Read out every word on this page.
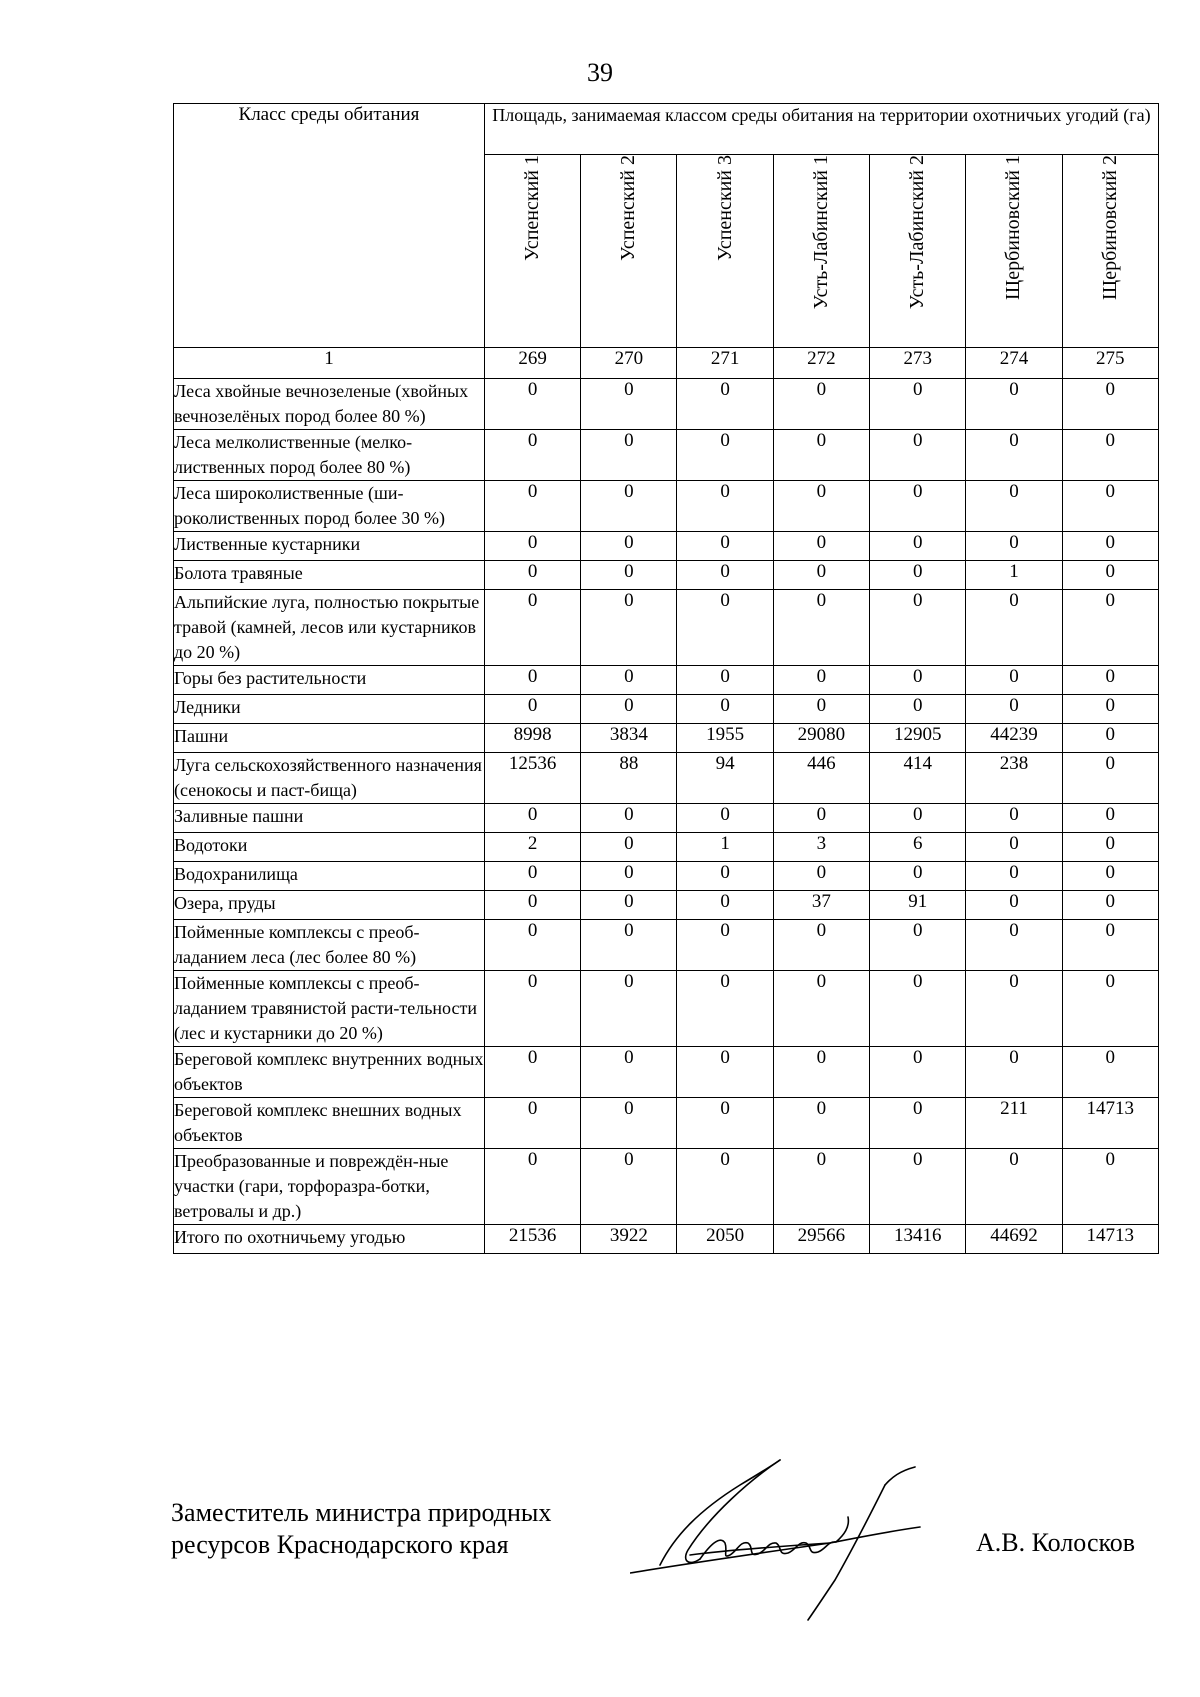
39
Класс среды обитания	Площадь, занимаемая классом среды обитания на территории охотничьих угодий (га)						
	Успенский 1	Успенский 2	Успенский 3	Усть-Лабинский 1	Усть-Лабинский 2	Щербиновский 1	Щербиновский 2
1	269	270	271	272	273	274	275
Леса хвойные вечнозеленые (хвойных вечнозелёных пород более 80 %)	0	0	0	0	0	0	0
Леса мелколиственные (мелко-лиственных пород более 80 %)	0	0	0	0	0	0	0
Леса широколиственные (ши-роколиственных пород более 30 %)	0	0	0	0	0	0	0
Лиственные кустарники	0	0	0	0	0	0	0
Болота травяные	0	0	0	0	0	1	0
Альпийские луга, полностью покрытые травой (камней, лесов или кустарников до 20 %)	0	0	0	0	0	0	0
Горы без растительности	0	0	0	0	0	0	0
Ледники	0	0	0	0	0	0	0
Пашни	8998	3834	1955	29080	12905	44239	0
Луга сельскохозяйственного назначения (сенокосы и паст-бища)	12536	88	94	446	414	238	0
Заливные пашни	0	0	0	0	0	0	0
Водотоки	2	0	1	3	6	0	0
Водохранилища	0	0	0	0	0	0	0
Озера, пруды	0	0	0	37	91	0	0
Пойменные комплексы с преоб-ладанием леса (лес более 80 %)	0	0	0	0	0	0	0
Пойменные комплексы с преоб-ладанием травянистой расти-тельности (лес и кустарники до 20 %)	0	0	0	0	0	0	0
Береговой комплекс внутренних водных объектов	0	0	0	0	0	0	0
Береговой комплекс внешних водных объектов	0	0	0	0	0	211	14713
Преобразованные и повреждён-ные участки (гари, торфоразра-ботки, ветровалы и др.)	0	0	0	0	0	0	0
Итого по охотничьему угодью	21536	3922	2050	29566	13416	44692	14713
Заместитель министра природных
ресурсов Краснодарского края	А.В. Колосков
